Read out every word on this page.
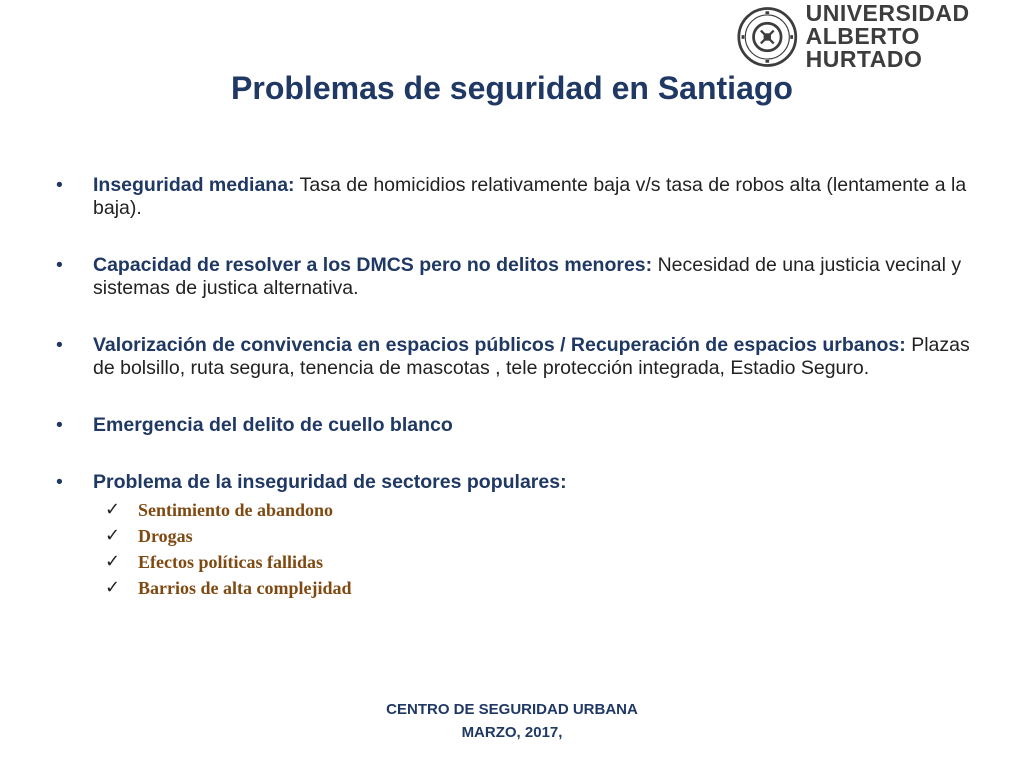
UNIVERSIDAD
ALBERTO HURTADO
Problemas de seguridad en Santiago
• Inseguridad mediana: Tasa de homicidios relativamente baja v/s tasa de robos alta (lentamente a la baja).
• Capacidad de resolver a los DMCS pero no delitos menores: Necesidad de una justicia vecinal y sistemas de justica alternativa.
• Valorización de convivencia en espacios públicos / Recuperación de espacios urbanos: Plazas de bolsillo, ruta segura, tenencia de mascotas , tele protección integrada, Estadio Seguro.
• Emergencia del delito de cuello blanco
• Problema de la inseguridad de sectores populares:
✓ Sentimiento de abandono
✓ Drogas
✓ Efectos políticas fallidas
✓ Barrios de alta complejidad
CENTRO DE SEGURIDAD URBANA
MARZO, 2017,
